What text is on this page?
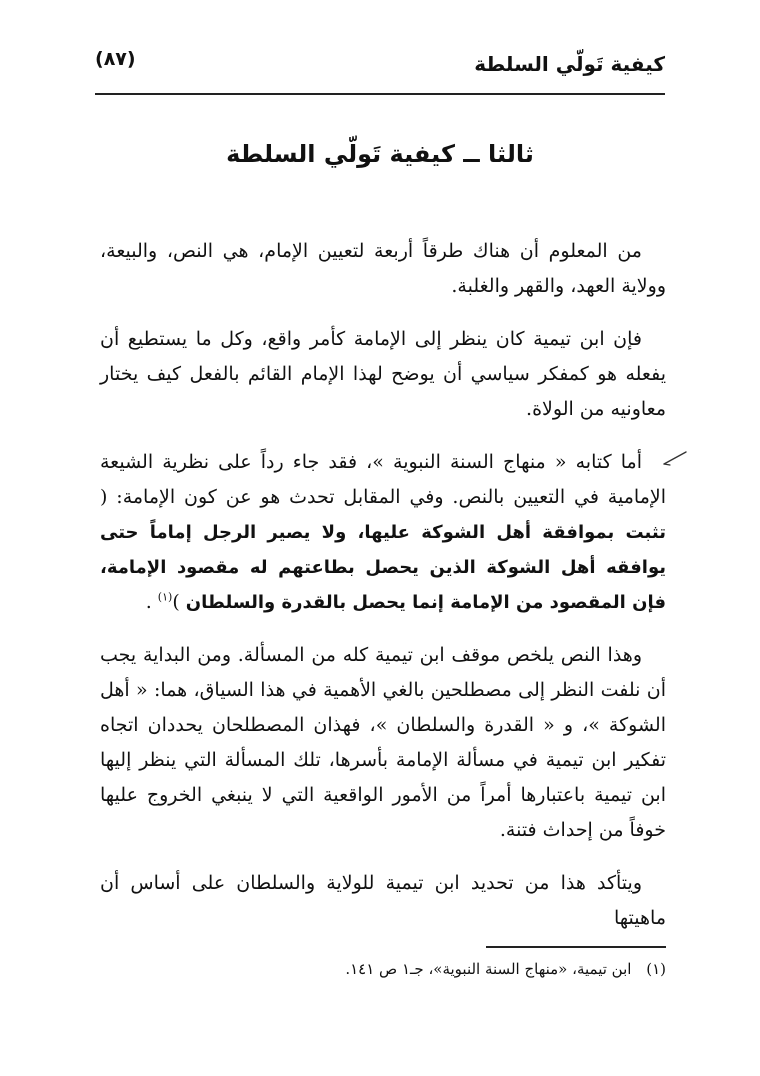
كيفية تَولّي السلطة
(٨٧)
ثالثا ــ كيفية تَولّي السلطة

من المعلوم أن هناك طرقاً أربعة لتعيين الإمام، هي النص، والبيعة، وولاية العهد، والقهر والغلبة.

فإن ابن تيمية كان ينظر إلى الإمامة كأمر واقع، وكل ما يستطيع أن يفعله هو كمفكر سياسي أن يوضح لهذا الإمام القائم بالفعل كيف يختار معاونيه من الولاة.

أما كتابه « منهاج السنة النبوية »، فقد جاء رداً على نظرية الشيعة الإمامية في التعيين بالنص. وفي المقابل تحدث هو عن كون الإمامة: ( تثبت بموافقة أهل الشوكة عليها، ولا يصير الرجل إماماً حتى يوافقه أهل الشوكة الذين يحصل بطاعتهم له مقصود الإمامة، فإن المقصود من الإمامة إنما يحصل بالقدرة والسلطان )$^{(١)}$ .

وهذا النص يلخص موقف ابن تيمية كله من المسألة. ومن البداية يجب أن نلفت النظر إلى مصطلحين بالغي الأهمية في هذا السياق، هما: « أهل الشوكة »، و « القدرة والسلطان »، فهذان المصطلحان يحددان اتجاه تفكير ابن تيمية في مسألة الإمامة بأسرها، تلك المسألة التي ينظر إليها ابن تيمية باعتبارها أمراً من الأمور الواقعية التي لا ينبغي الخروج عليها خوفاً من إحداث فتنة.

ويتأكد هذا من تحديد ابن تيمية للولاية والسلطان على أساس أن ماهيتها

(١) ابن تيمية، «منهاج السنة النبوية»، جـ١ ص ١٤١.
